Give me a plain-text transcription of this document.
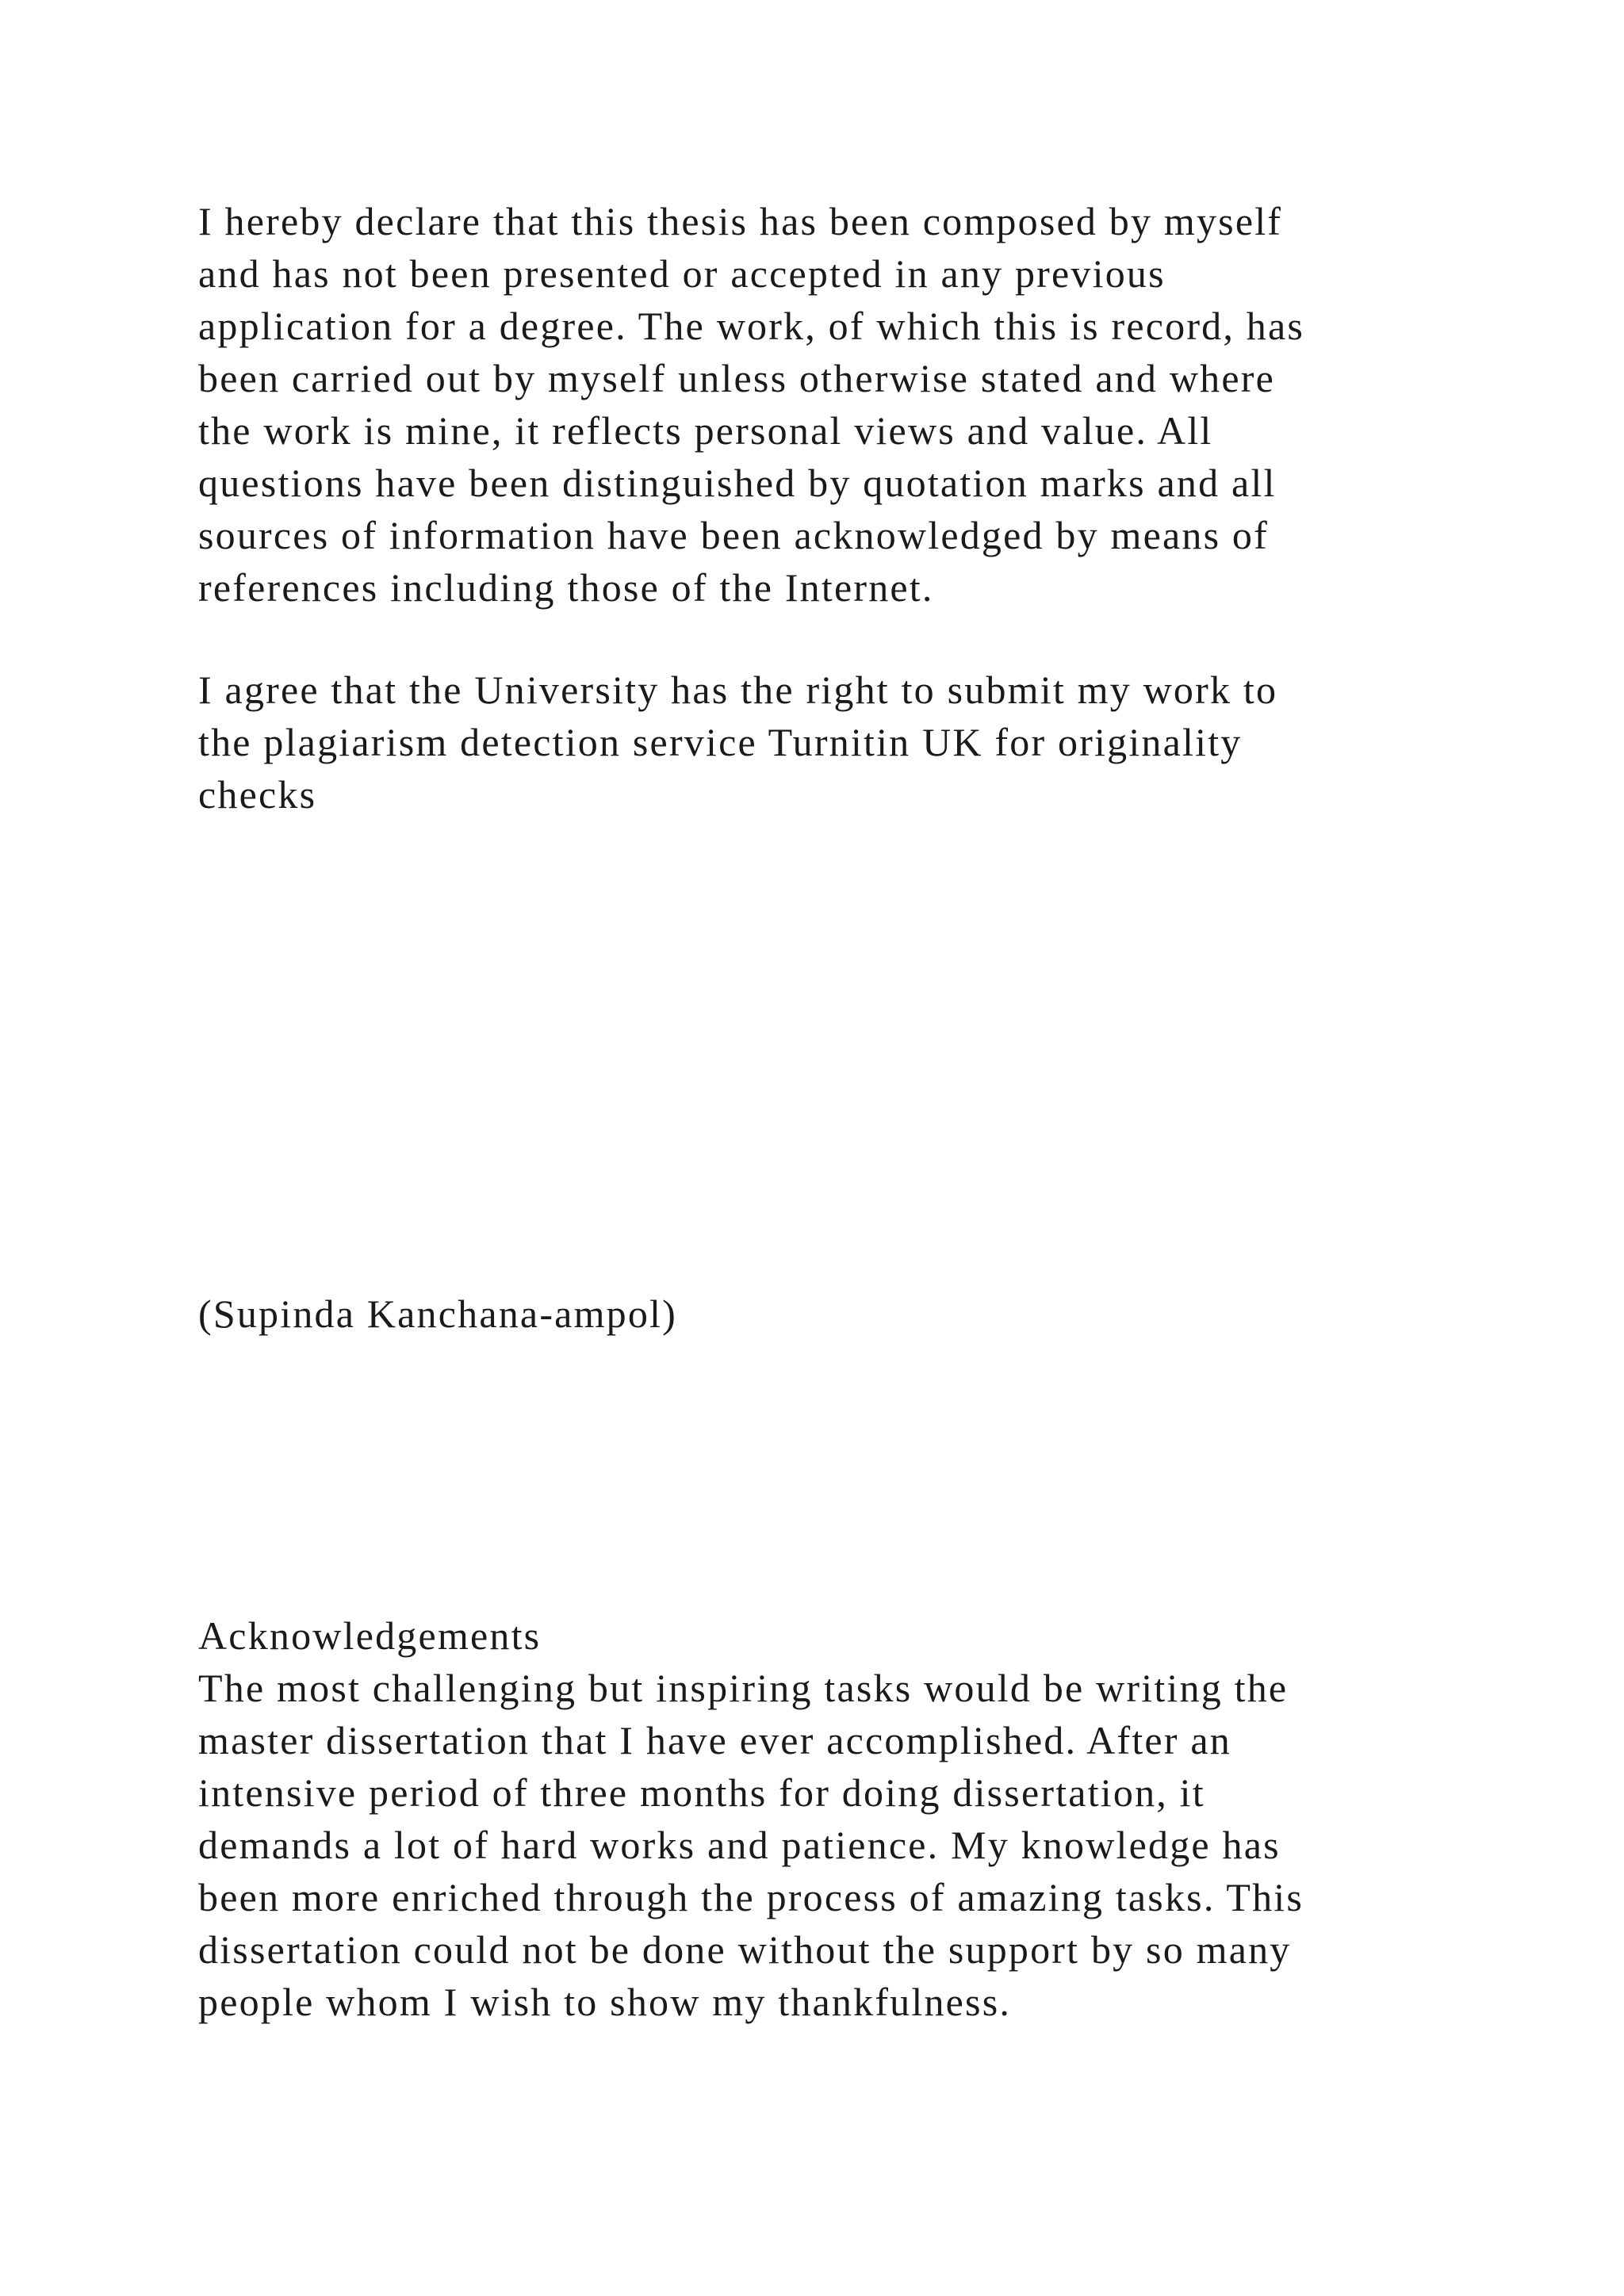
I hereby declare that this thesis has been composed by myself
and has not been presented or accepted in any previous
application for a degree. The work, of which this is record, has
been carried out by myself unless otherwise stated and where
the work is mine, it reflects personal views and value. All
questions have been distinguished by quotation marks and all
sources of information have been acknowledged by means of
references including those of the Internet.

I agree that the University has the right to submit my work to
the plagiarism detection service Turnitin UK for originality
checks

(Supinda Kanchana-ampol)

Acknowledgements

The most challenging but inspiring tasks would be writing the
master dissertation that I have ever accomplished. After an
intensive period of three months for doing dissertation, it
demands a lot of hard works and patience. My knowledge has
been more enriched through the process of amazing tasks. This
dissertation could not be done without the support by so many
people whom I wish to show my thankfulness.
